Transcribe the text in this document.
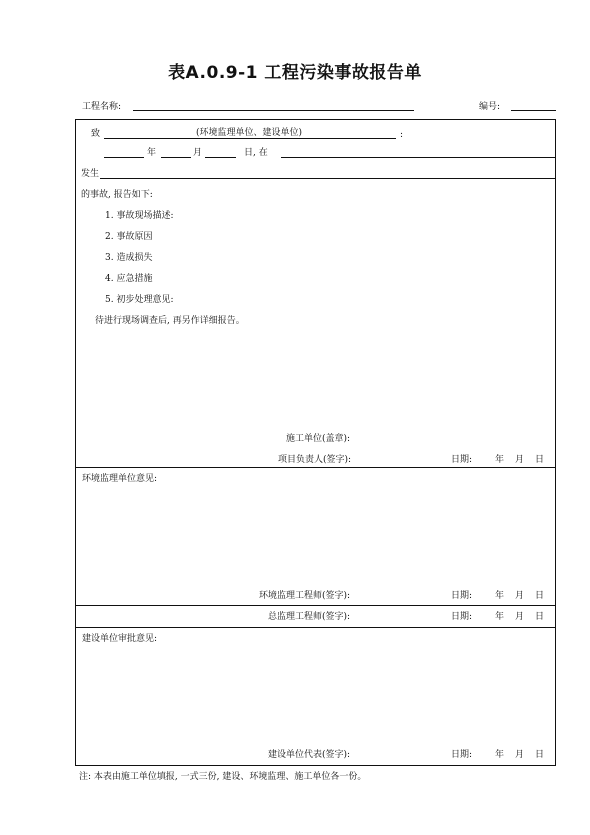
表A.0.9-1 工程污染事故报告单
工程名称:	编号:
致	(环境监理单位、建设单位)	:
年	月	日, 在
发生
的事故, 报告如下:
1. 事故现场描述:
2. 事故原因
3. 造成损失
4. 应急措施
5. 初步处理意见:
待进行现场调查后, 再另作详细报告。
施工单位(盖章):
项目负责人(签字):	日期:	年 月 日
环境监理单位意见:
环境监理工程师(签字):	日期:	年 月 日
总监理工程师(签字):	日期:	年 月 日
建设单位审批意见:
建设单位代表(签字):	日期:	年 月 日
注: 本表由施工单位填报, 一式三份, 建设、环境监理、施工单位各一份。
